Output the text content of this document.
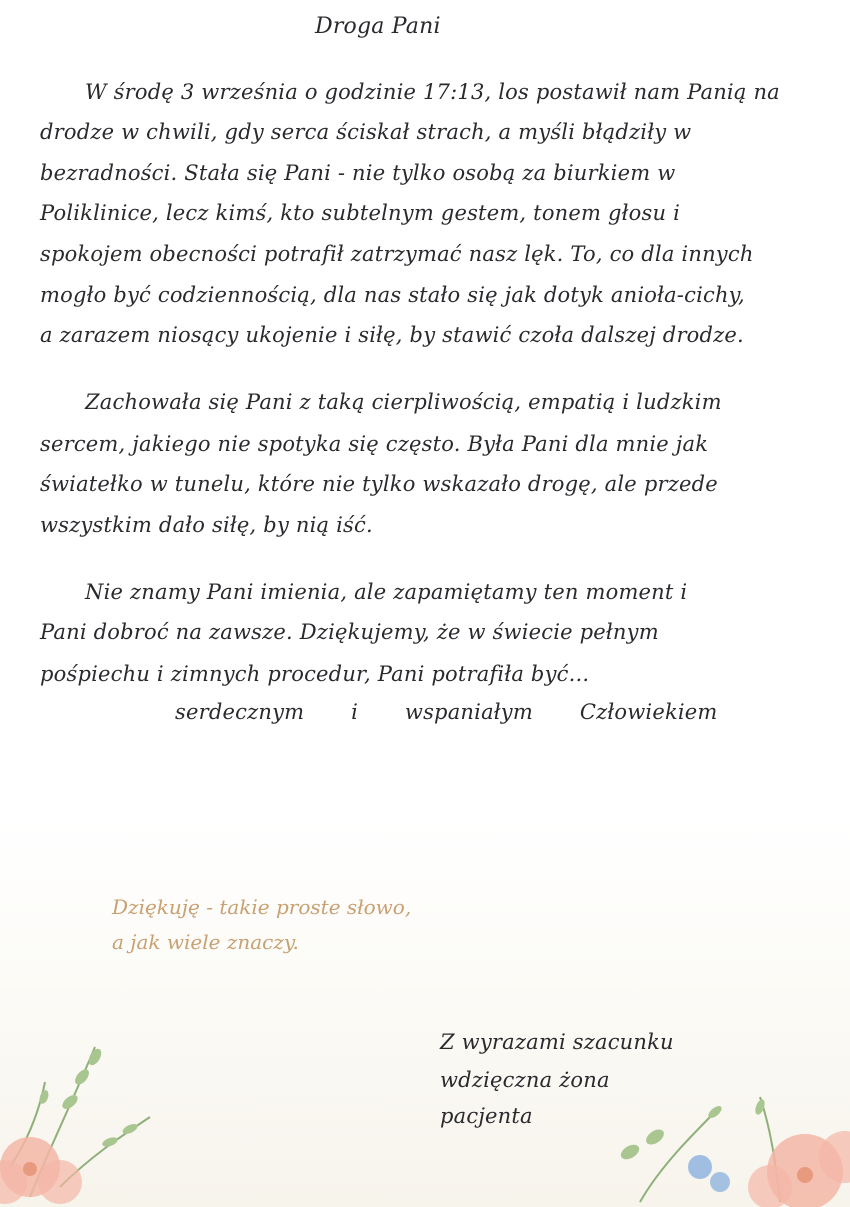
Droga Pani
W środę 3 września o godzinie 17:13, los postawił nam Panią na
drodze w chwili, gdy serca ściskał strach, a myśli błądziły w
bezradności. Stała się Pani - nie tylko osobą za biurkiem w
Poliklinice, lecz kimś, kto subtelnym gestem, tonem głosu i
spokojem obecności potrafił zatrzymać nasz lęk. To, co dla innych
mogło być codziennością, dla nas stało się jak dotyk anioła-cichy,
a zarazem niosący ukojenie i siłę, by stawić czoła dalszej drodze.
Zachowała się Pani z taką cierpliwością, empatią i ludzkim
sercem, jakiego nie spotyka się często. Była Pani dla mnie jak
światełko w tunelu, które nie tylko wskazało drogę, ale przede
wszystkim dało siłę, by nią iść.
Nie znamy Pani imienia, ale zapamiętamy ten moment i
Pani dobroć na zawsze. Dziękujemy, że w świecie pełnym
pośpiechu i zimnych procedur, Pani potrafiła być...
serdecznym i wspaniałym Człowiekiem
Dziękuję - takie proste słowo,
a jak wiele znaczy.
Z wyrazami szacunku
wdzięczna żona
pacjenta
